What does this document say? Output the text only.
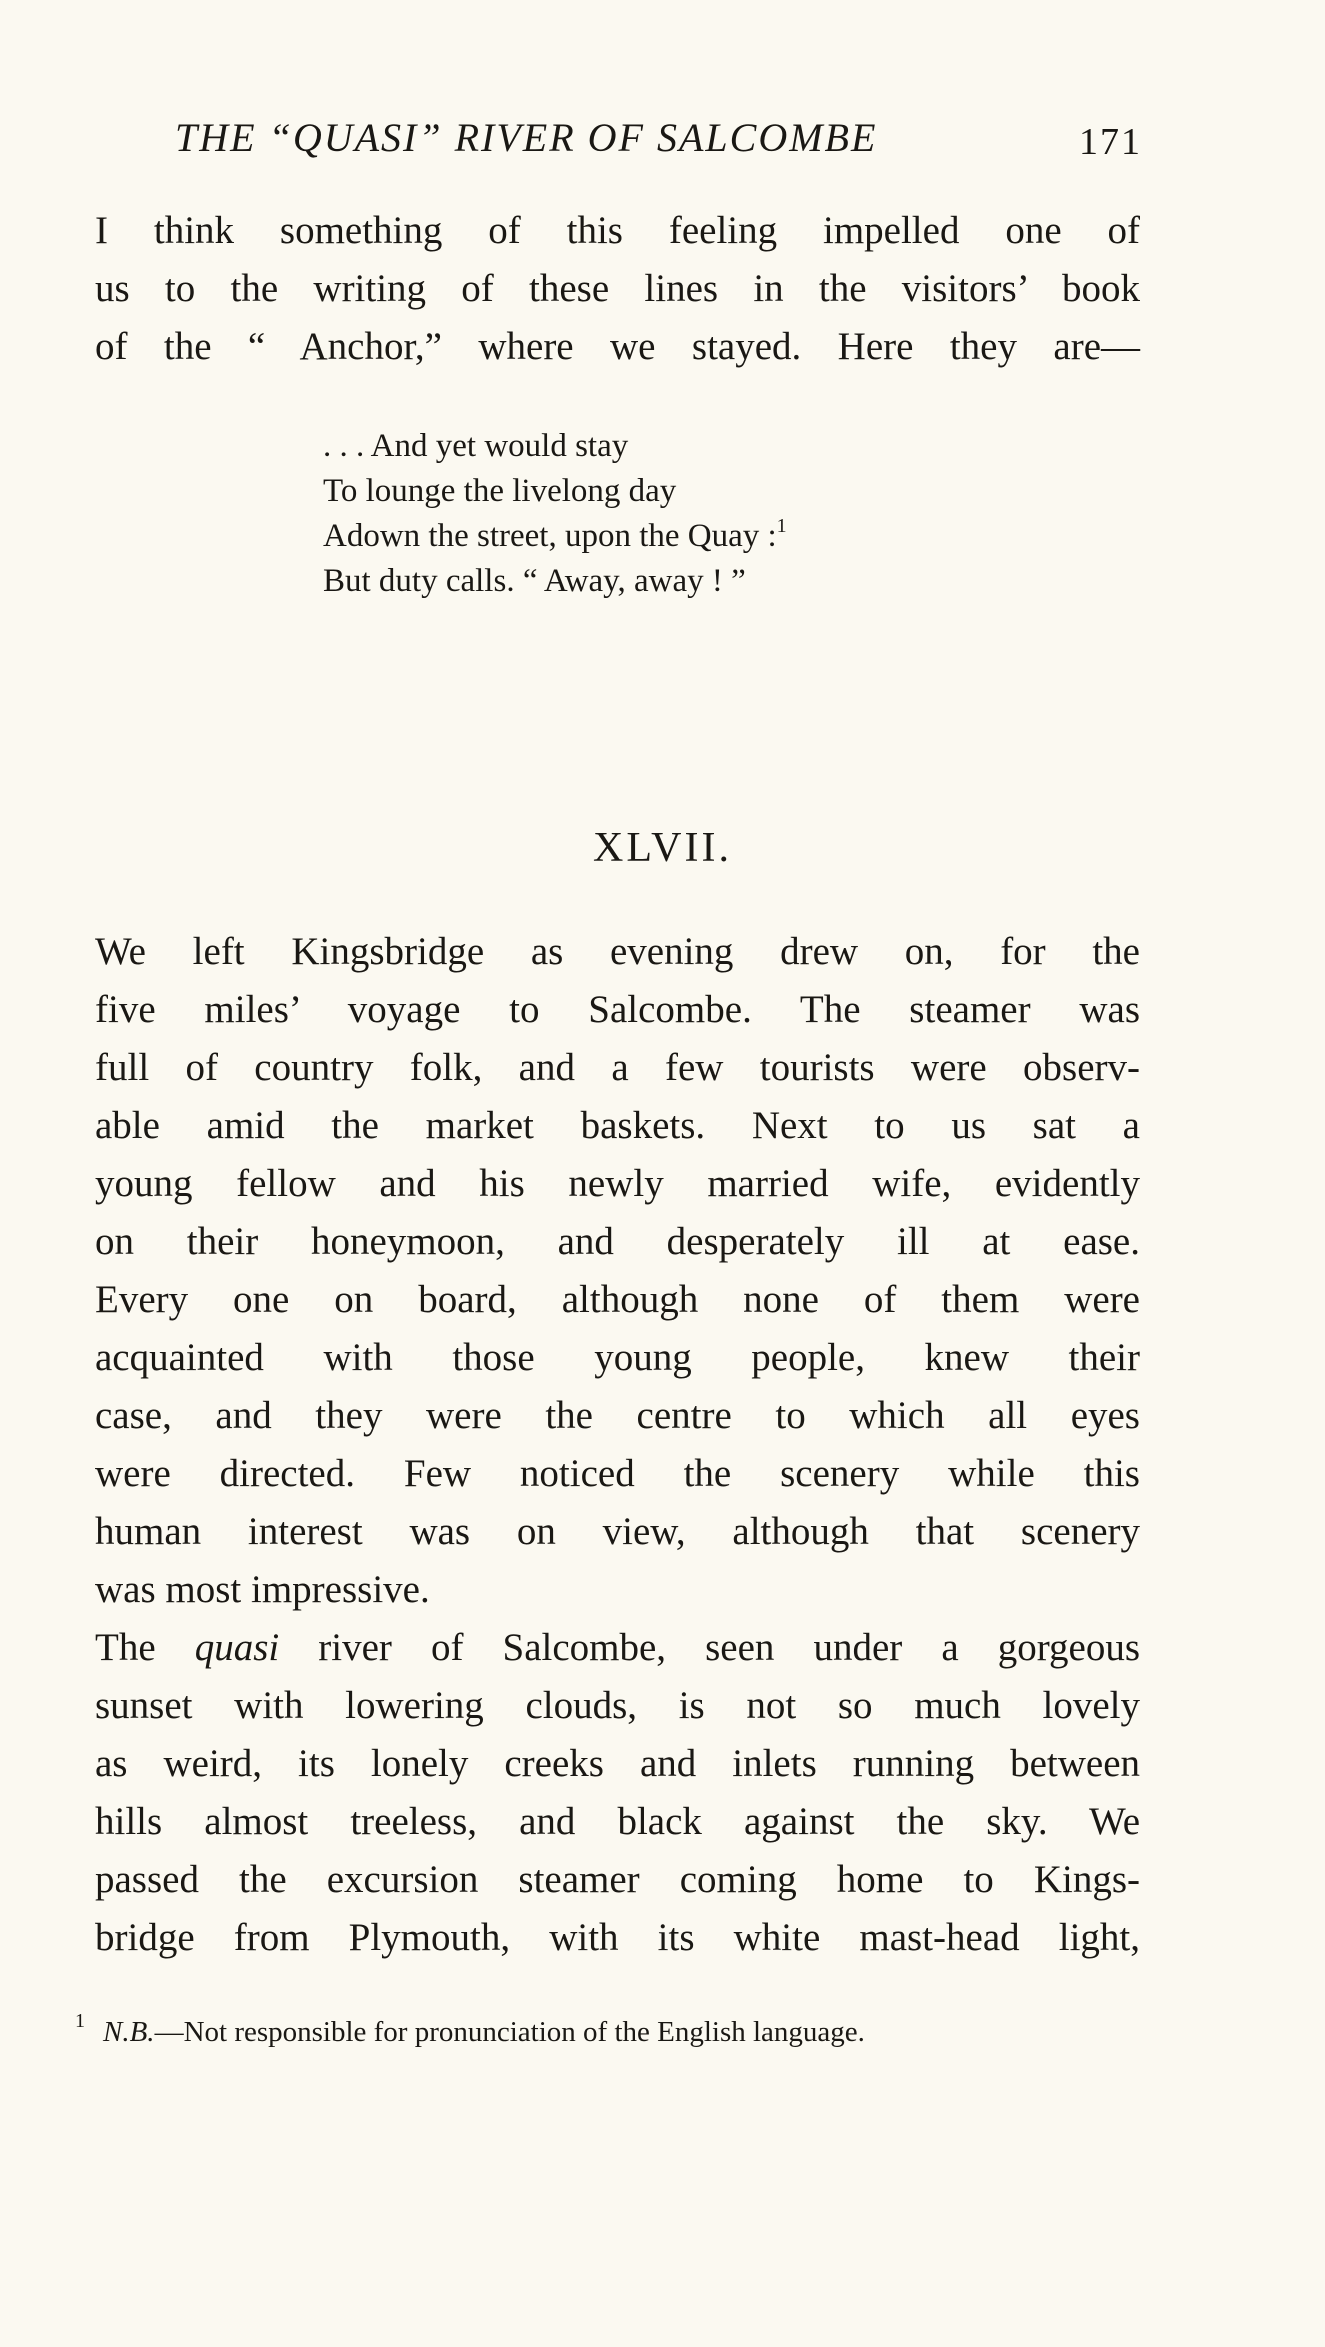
THE “QUASI” RIVER OF SALCOMBE	171
I think something of this feeling impelled one of
us to the writing of these lines in the visitors’ book
of the “ Anchor,” where we stayed. Here they are—
. . . And yet would stay
To lounge the livelong day
Adown the street, upon the Quay :$^1$
But duty calls. “ Away, away ! ”
XLVII.
We left Kingsbridge as evening drew on, for the
five miles’ voyage to Salcombe. The steamer was
full of country folk, and a few tourists were observ-
able amid the market baskets. Next to us sat a
young fellow and his newly married wife, evidently
on their honeymoon, and desperately ill at ease.
Every one on board, although none of them were
acquainted with those young people, knew their
case, and they were the centre to which all eyes
were directed. Few noticed the scenery while this
human interest was on view, although that scenery
was most impressive.
The quasi river of Salcombe, seen under a gorgeous
sunset with lowering clouds, is not so much lovely
as weird, its lonely creeks and inlets running between
hills almost treeless, and black against the sky. We
passed the excursion steamer coming home to Kings-
bridge from Plymouth, with its white mast-head light,
$^1$ N.B.—Not responsible for pronunciation of the English language.
